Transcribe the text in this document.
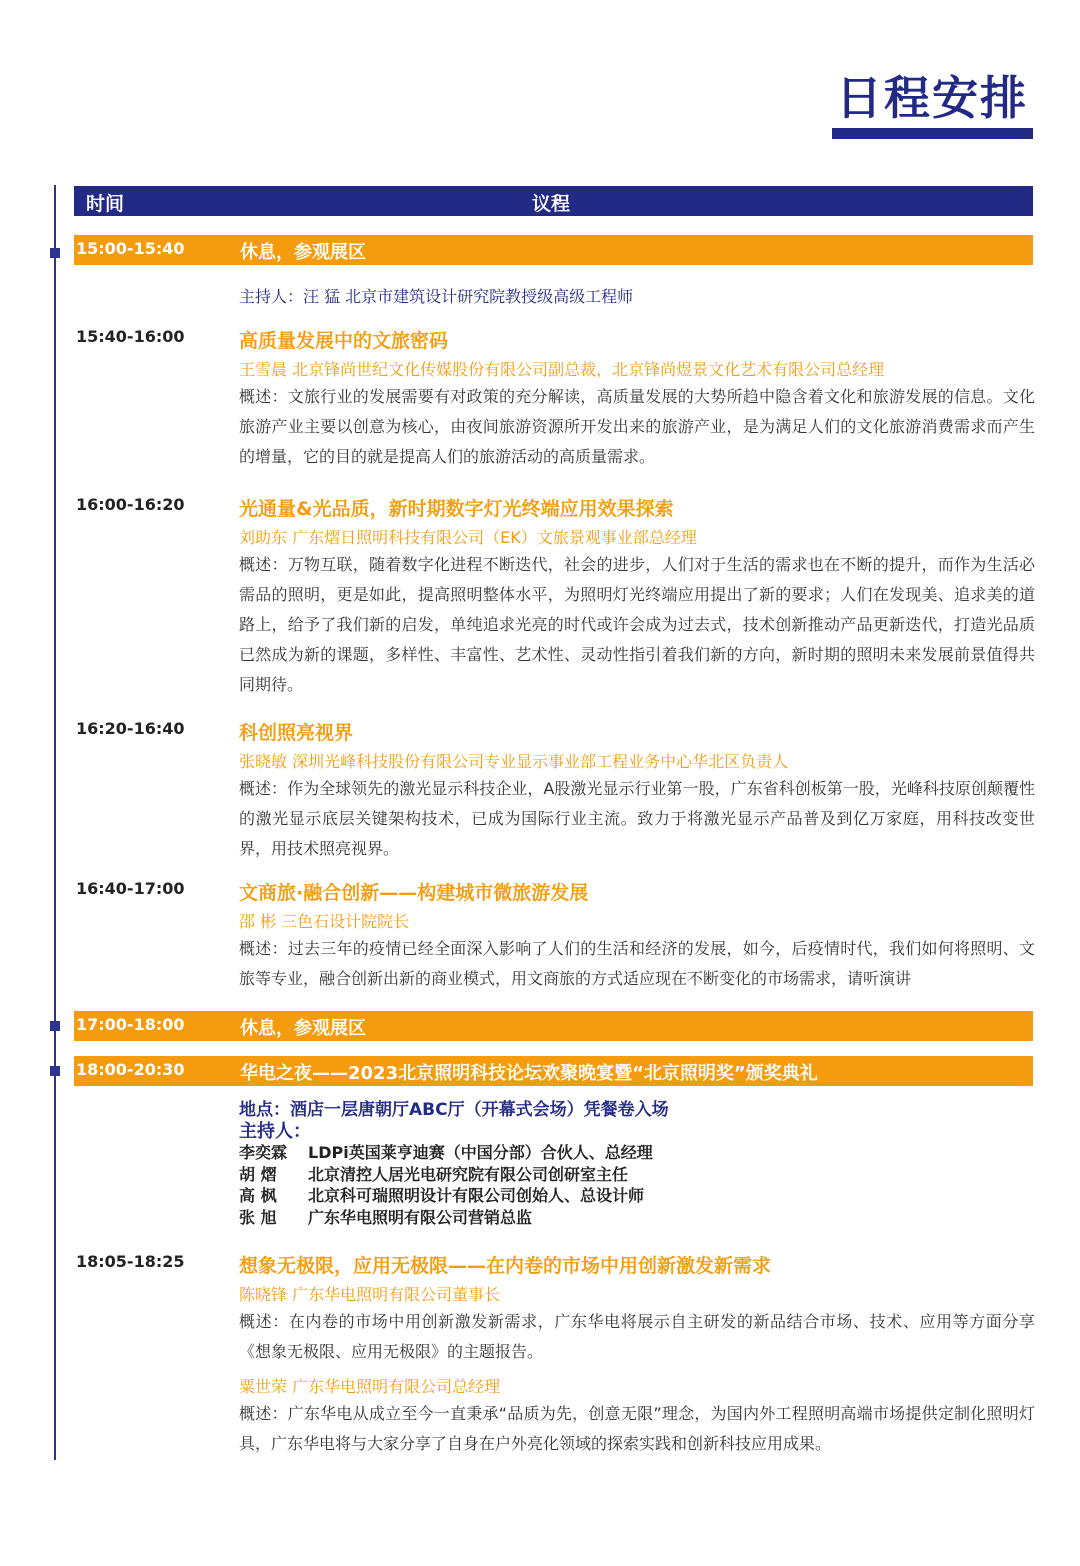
日程安排
时间	议程
15:00-15:40	休息，参观展区
主持人：汪 猛 北京市建筑设计研究院教授级高级工程师
15:40-16:00	高质量发展中的文旅密码
王雪晨 北京锋尚世纪文化传媒股份有限公司副总裁，北京锋尚煜景文化艺术有限公司总经理
概述：文旅行业的发展需要有对政策的充分解读，高质量发展的大势所趋中隐含着文化和旅游发展的信息。文化旅游产业主要以创意为核心，由夜间旅游资源所开发出来的旅游产业，是为满足人们的文化旅游消费需求而产生的增量，它的目的就是提高人们的旅游活动的高质量需求。
16:00-16:20	光通量&光品质，新时期数字灯光终端应用效果探索
刘助东 广东熠日照明科技有限公司（EK）文旅景观事业部总经理
概述：万物互联，随着数字化进程不断迭代，社会的进步，人们对于生活的需求也在不断的提升，而作为生活必需品的照明，更是如此，提高照明整体水平，为照明灯光终端应用提出了新的要求；人们在发现美、追求美的道路上，给予了我们新的启发，单纯追求光亮的时代或许会成为过去式，技术创新推动产品更新迭代，打造光品质已然成为新的课题，多样性、丰富性、艺术性、灵动性指引着我们新的方向，新时期的照明未来发展前景值得共同期待。
16:20-16:40	科创照亮视界
张晓敏 深圳光峰科技股份有限公司专业显示事业部工程业务中心华北区负责人
概述：作为全球领先的激光显示科技企业，A股激光显示行业第一股，广东省科创板第一股，光峰科技原创颠覆性的激光显示底层关键架构技术，已成为国际行业主流。致力于将激光显示产品普及到亿万家庭，用科技改变世界，用技术照亮视界。
16:40-17:00	文商旅·融合创新——构建城市微旅游发展
邵 彬 三色石设计院院长
概述：过去三年的疫情已经全面深入影响了人们的生活和经济的发展，如今，后疫情时代，我们如何将照明、文旅等专业，融合创新出新的商业模式，用文商旅的方式适应现在不断变化的市场需求，请听演讲
17:00-18:00	休息，参观展区
18:00-20:30	华电之夜——2023北京照明科技论坛欢聚晚宴暨“北京照明奖”颁奖典礼
地点：酒店一层唐朝厅ABC厅（开幕式会场）凭餐卷入场
主持人：
李奕霖	LDPi英国莱亨迪赛（中国分部）合伙人、总经理
胡 熠	北京清控人居光电研究院有限公司创研室主任
高 枫	北京科可瑞照明设计有限公司创始人、总设计师
张 旭	广东华电照明有限公司营销总监
18:05-18:25	想象无极限，应用无极限——在内卷的市场中用创新激发新需求
陈晓锋 广东华电照明有限公司董事长
概述：在内卷的市场中用创新激发新需求，广东华电将展示自主研发的新品结合市场、技术、应用等方面分享《想象无极限、应用无极限》的主题报告。
粟世荣 广东华电照明有限公司总经理
概述：广东华电从成立至今一直秉承“品质为先，创意无限”理念，为国内外工程照明高端市场提供定制化照明灯具，广东华电将与大家分享了自身在户外亮化领域的探索实践和创新科技应用成果。
